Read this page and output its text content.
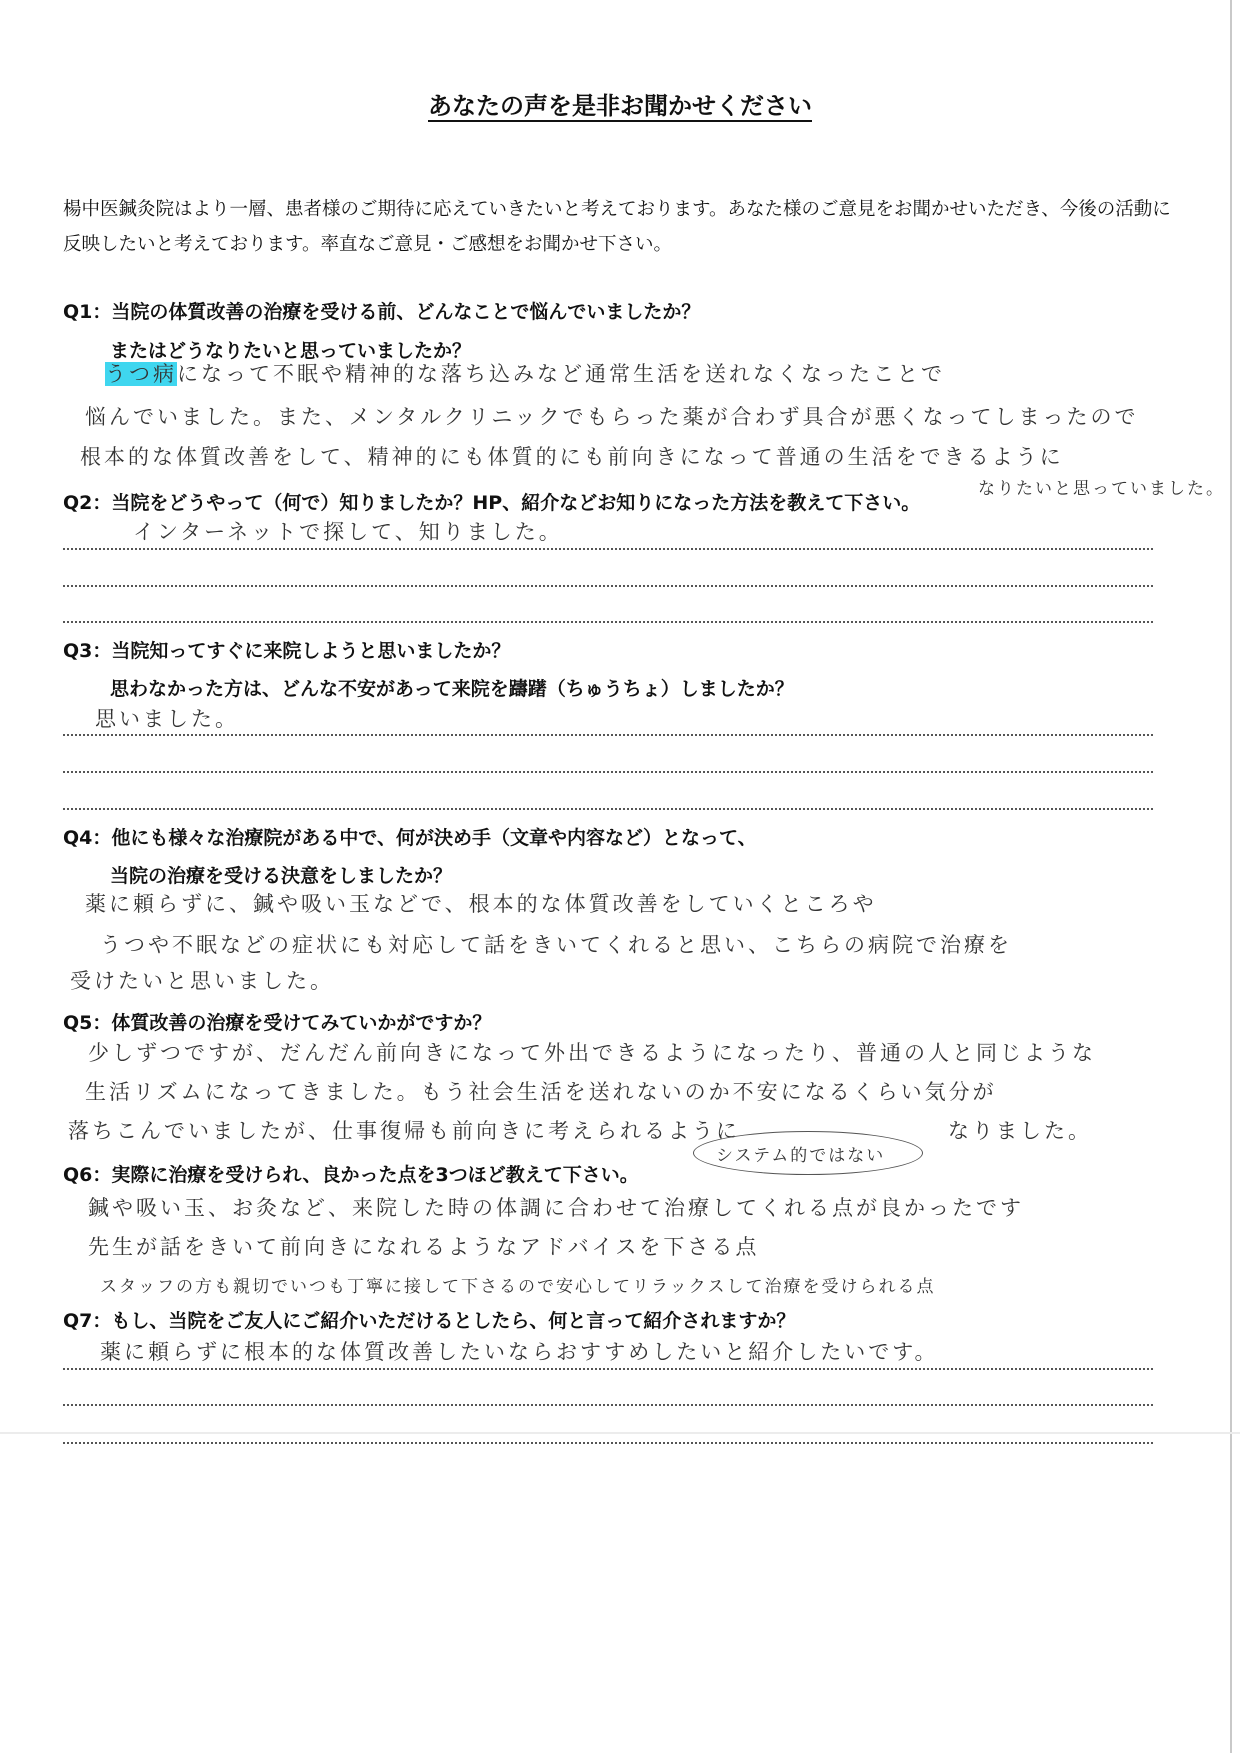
あなたの声を是非お聞かせください
楊中医鍼灸院はより一層、患者様のご期待に応えていきたいと考えております。あなた様のご意見をお聞かせいただき、今後の活動に反映したいと考えております。率直なご意見・ご感想をお聞かせ下さい。
Q1：当院の体質改善の治療を受ける前、どんなことで悩んでいましたか？
またはどうなりたいと思っていましたか？
うつ病になって不眠や精神的な落ち込みなど通常生活を送れなくなったことで
悩んでいました。また、メンタルクリニックでもらった薬が合わず具合が悪くなってしまったので
根本的な体質改善をして、精神的にも体質的にも前向きになって普通の生活をできるように
なりたいと思っていました。
Q2：当院をどうやって（何で）知りましたか？HP、紹介などお知りになった方法を教えて下さい。
インターネットで探して、知りました。
Q3：当院知ってすぐに来院しようと思いましたか？
思わなかった方は、どんな不安があって来院を躊躇（ちゅうちょ）しましたか？
思いました。
Q4：他にも様々な治療院がある中で、何が決め手（文章や内容など）となって、
当院の治療を受ける決意をしましたか？
薬に頼らずに、鍼や吸い玉などで、根本的な体質改善をしていくところや
うつや不眠などの症状にも対応して話をきいてくれると思い、こちらの病院で治療を
受けたいと思いました。
Q5：体質改善の治療を受けてみていかがですか？
少しずつですが、だんだん前向きになって外出できるようになったり、普通の人と同じような
生活リズムになってきました。もう社会生活を送れないのか不安になるくらい気分が
落ちこんでいましたが、仕事復帰も前向きに考えられるように	なりました。
Q6：実際に治療を受けられ、良かった点を3つほど教えて下さい。
システム的ではない
鍼や吸い玉、お灸など、来院した時の体調に合わせて治療してくれる点が良かったです
先生が話をきいて前向きになれるようなアドバイスを下さる点
スタッフの方も親切でいつも丁寧に接して下さるので安心してリラックスして治療を受けられる点
Q7：もし、当院をご友人にご紹介いただけるとしたら、何と言って紹介されますか？
薬に頼らずに根本的な体質改善したいならおすすめしたいと紹介したいです。
